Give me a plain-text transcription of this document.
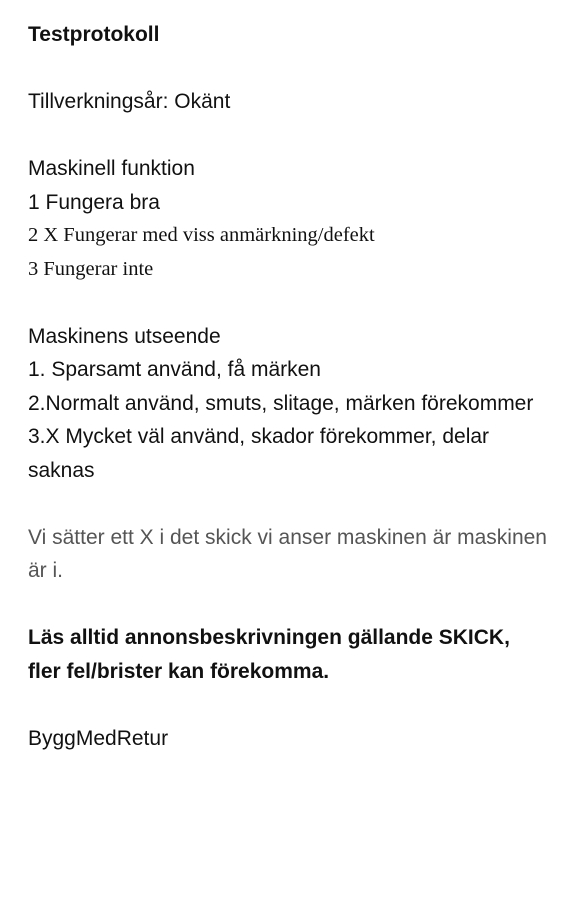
Testprotokoll
Tillverkningsår: Okänt
Maskinell funktion
1 Fungera bra
2 X Fungerar med viss anmärkning/defekt
3 Fungerar inte
Maskinens utseende
1. Sparsamt använd, få märken
2.Normalt använd, smuts, slitage, märken förekommer
3.X Mycket väl använd, skador förekommer, delar saknas
Vi sätter ett X i det skick vi anser maskinen är maskinen är i.
Läs alltid annonsbeskrivningen gällande SKICK, fler fel/brister kan förekomma.
ByggMedRetur
